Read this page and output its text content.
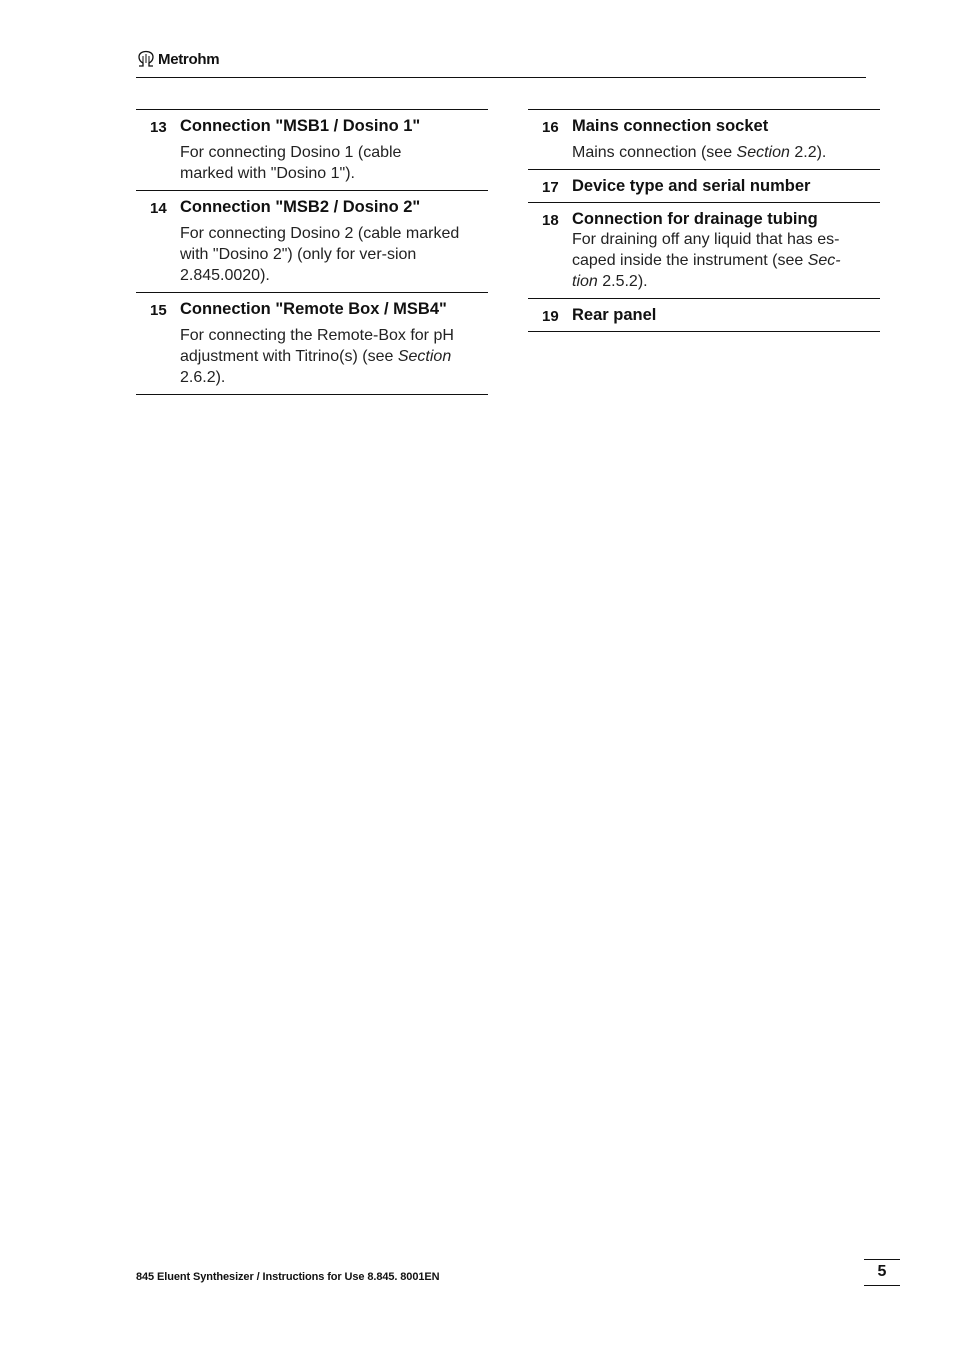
Metrohm
13 Connection "MSB1 / Dosino 1"
For connecting Dosino 1 (cable marked with "Dosino 1").
14 Connection "MSB2 / Dosino 2"
For connecting Dosino 2 (cable marked with "Dosino 2") (only for ver-sion 2.845.0020).
15 Connection "Remote Box / MSB4"
For connecting the Remote-Box for pH adjustment with Titrino(s) (see Section 2.6.2).
16 Mains connection socket
Mains connection (see Section 2.2).
17 Device type and serial number
18 Connection for drainage tubing
For draining off any liquid that has es-caped inside the instrument (see Sec-tion 2.5.2).
19 Rear panel
845 Eluent Synthesizer / Instructions for Use 8.845. 8001EN	5
